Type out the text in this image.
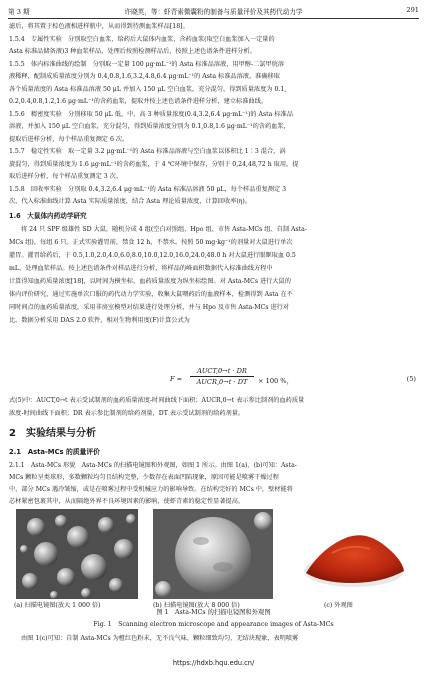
第 3 期	许晓英，等：虾青素微囊粉的制备与质量评价及其药代动力学	291

滤后，将其置于棕色液相进样瓶中，从而得到待测血浆样品[18]。

1.5.4　专属性实验　分别取空白血浆、给药后大鼠体内血浆、含药血浆(取空白血浆加入一定量的

Asta 标准品储备液)3 种血浆样品，处理后按照检测样品后，按照上述色谱条件进样分析。

1.5.5　体内标准曲线的绘制　分别取一定量 100 μg·mL⁻¹的 Asta 标准品溶液，用甲醇-二氯甲烷溶

液稀释，配制成质量浓度分别为 0.4,0.8,1.6,3.2,4.8,6.4 μg·mL⁻¹的 Asta 标准品溶液。准确移取

各个质量浓度的 Asta 标准品溶液 50 μL 并加入 150 μL 空白血浆，充分混匀，得到质量浓度为 0.1,

0.2,0.4,0.8,1.2,1.6 μg·mL⁻¹的含药血浆，提取并按上述色谱条件进样分析，建立标准曲线。

1.5.6　精密度实验　分别移取 50 μL 低、中、高 3 种质量浓度(0.4,3.2,6.4 μg·mL⁻¹)的 Asta 标准品

溶液，并加入 150 μL 空白血浆，充分混匀，得到质量浓度分别为 0.1,0.8,1.6 μg·mL⁻¹的含药血浆，

提取后进样分析，每个样品重复测定 6 次。

1.5.7　稳定性实验　取一定量 3.2 μg·mL⁻¹的 Asta 标准品溶液与空白血浆以体积比 1∶3 混合，涡

旋混匀，得到质量浓度为 1.6 μg·mL⁻¹的含药血浆，于 4 ℃环境中保存，分别于 0,24,48,72 h 取用，提

取后进样分析，每个样品重复测定 3 次。

1.5.8　回收率实验　分别取 0.4,3.2,6.4 μg·mL⁻¹的 Asta 标准品溶液 50 μL，每个样品重复测定 3

次，代入标准曲线计算 Asta 实际质量浓度，结合 Asta 理论质量浓度，计算回收率(η)。

1.6　大鼠体内药动学研究

将 24 只 SPF 级雄性 SD 大鼠，随机分成 4 组(空白对照组、Hpo 组、市售 Asta-MCs 组、自制 Asta-

MCs 组)，每组 6 只。正式实验灌胃前，禁食 12 h，不禁水。按照 50 mg·kg⁻¹的剂量对大鼠进行单次

灌胃。灌胃给药后，于 0.5,1.0,2.0,4.0,6.0,8.0,10.0,12.0,16.0,24.0,48.0 h 对大鼠进行眼眶取血 0.5

mL，处理血浆样品。按上述色谱条件对样品进行分析，将样品的峰面积数据代入标准曲线方程中

计算得知血药质量浓度[18]，以时间为横坐标，血药质量浓度为纵坐标绘图。对 Asta-MCs 进行大鼠的

体内评价研究，通过实施单次口服的药代动力学实验，收集大鼠喂药后的血液样本，检测得到 Asta 在不

同时间点的血药质量浓度，采用非房室模型对结果进行处理分析，并与 Hpo 及市售 Asta-MCs 进行对

比。数据分析采用 DAS 2.0 软件，相对生物利用度(F)计算公式为

F =
AUCT,0→t · DR
AUCR,0→t · DT	× 100 %，	(5)

式(5)中：AUCT,0→t 表示受试制剂的血药质量浓度-时间曲线下面积；AUCR,0→t 表示参比制剂的血药质量

浓度-时间曲线下面积；DR 表示参比制剂的给药剂量，DT 表示受试制剂的给药剂量。

2　实验结果与分析

2.1　Asta-MCs 的质量评价

2.1.1　Asta-MCs 形貌　Asta-MCs 的扫描电镜图和外观图，如图 1 所示。由图 1(a)、(b)可知：Asta-

MCs 颗粒呈类球形，多数颗粒均匀且结构完整，少数存在表面凹陷现象，原因可能是喷雾干燥过程

中，部分 MCs 遇冷皱缩，或是在喷雾过程中受机械应力的影响导致。在结构完好的 MCs 中，壁材能将

芯材紧密包裹其中，从而隔绝外界不良环境因素的影响，使虾青素的稳定性显著提高。

(a) 扫描电镜图(放大 1 000 倍)	(b) 扫描电镜图(放大 8 000 倍)	(c) 外观图
图 1　Asta-MCs 的扫描电镜图和外观图
Fig. 1　Scanning electron microscope and appearance images of Asta-MCs

由图 1(c)可知：自制 Asta-MCs 为橙红色粉末，无不良气味，颗粒细致均匀，无结块现象，表明喷雾

https://hdxb.hqu.edu.cn/
